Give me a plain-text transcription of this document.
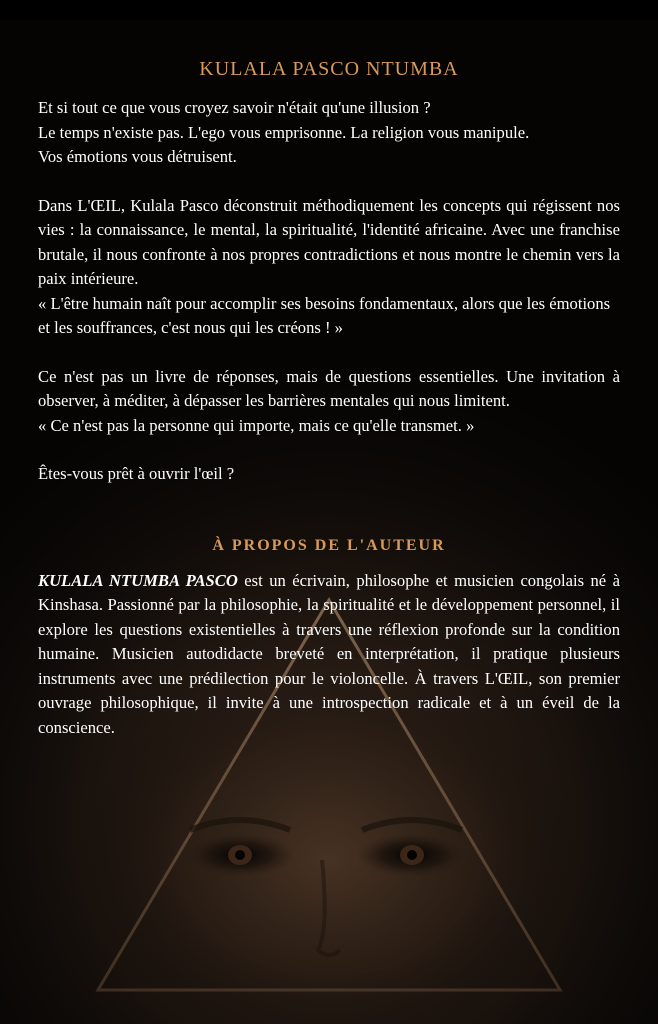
KULALA PASCO NTUMBA

Et si tout ce que vous croyez savoir n'était qu'une illusion ?

Le temps n'existe pas. L'ego vous emprisonne. La religion vous manipule.

Vos émotions vous détruisent.

Dans L'ŒIL, Kulala Pasco déconstruit méthodiquement les concepts qui régissent nos vies : la connaissance, le mental, la spiritualité, l'identité africaine. Avec une franchise brutale, il nous confronte à nos propres contradictions et nous montre le chemin vers la paix intérieure.

« L'être humain naît pour accomplir ses besoins fondamentaux, alors que les émotions et les souffrances, c'est nous qui les créons ! »

Ce n'est pas un livre de réponses, mais de questions essentielles. Une invitation à observer, à méditer, à dépasser les barrières mentales qui nous limitent.

« Ce n'est pas la personne qui importe, mais ce qu'elle transmet. »

Êtes-vous prêt à ouvrir l'œil ?

À PROPOS DE L'AUTEUR

KULALA NTUMBA PASCO est un écrivain, philosophe et musicien congolais né à Kinshasa. Passionné par la philosophie, la spiritualité et le développement personnel, il explore les questions existentielles à travers une réflexion profonde sur la condition humaine. Musicien autodidacte breveté en interprétation, il pratique plusieurs instruments avec une prédilection pour le violoncelle. À travers L'ŒIL, son premier ouvrage philosophique, il invite à une introspection radicale et à un éveil de la conscience.
